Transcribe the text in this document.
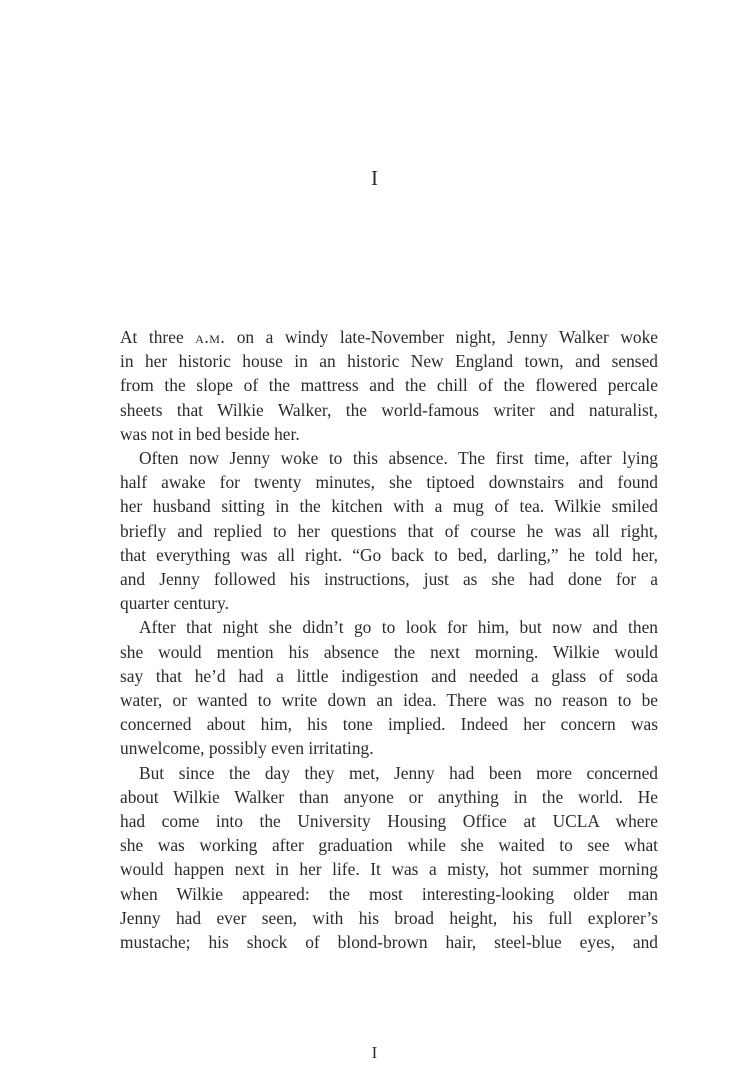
I
At three a.m. on a windy late-November night, Jenny Walker woke
in her historic house in an historic New England town, and sensed
from the slope of the mattress and the chill of the flowered percale
sheets that Wilkie Walker, the world-famous writer and naturalist,
was not in bed beside her.
Often now Jenny woke to this absence. The first time, after lying
half awake for twenty minutes, she tiptoed downstairs and found
her husband sitting in the kitchen with a mug of tea. Wilkie smiled
briefly and replied to her questions that of course he was all right,
that everything was all right. “Go back to bed, darling,” he told her,
and Jenny followed his instructions, just as she had done for a
quarter century.
After that night she didn’t go to look for him, but now and then
she would mention his absence the next morning. Wilkie would
say that he’d had a little indigestion and needed a glass of soda
water, or wanted to write down an idea. There was no reason to be
concerned about him, his tone implied. Indeed her concern was
unwelcome, possibly even irritating.
But since the day they met, Jenny had been more concerned
about Wilkie Walker than anyone or anything in the world. He
had come into the University Housing Office at UCLA where
she was working after graduation while she waited to see what
would happen next in her life. It was a misty, hot summer morning
when Wilkie appeared: the most interesting-looking older man
Jenny had ever seen, with his broad height, his full explorer’s
mustache; his shock of blond-brown hair, steel-blue eyes, and
I
